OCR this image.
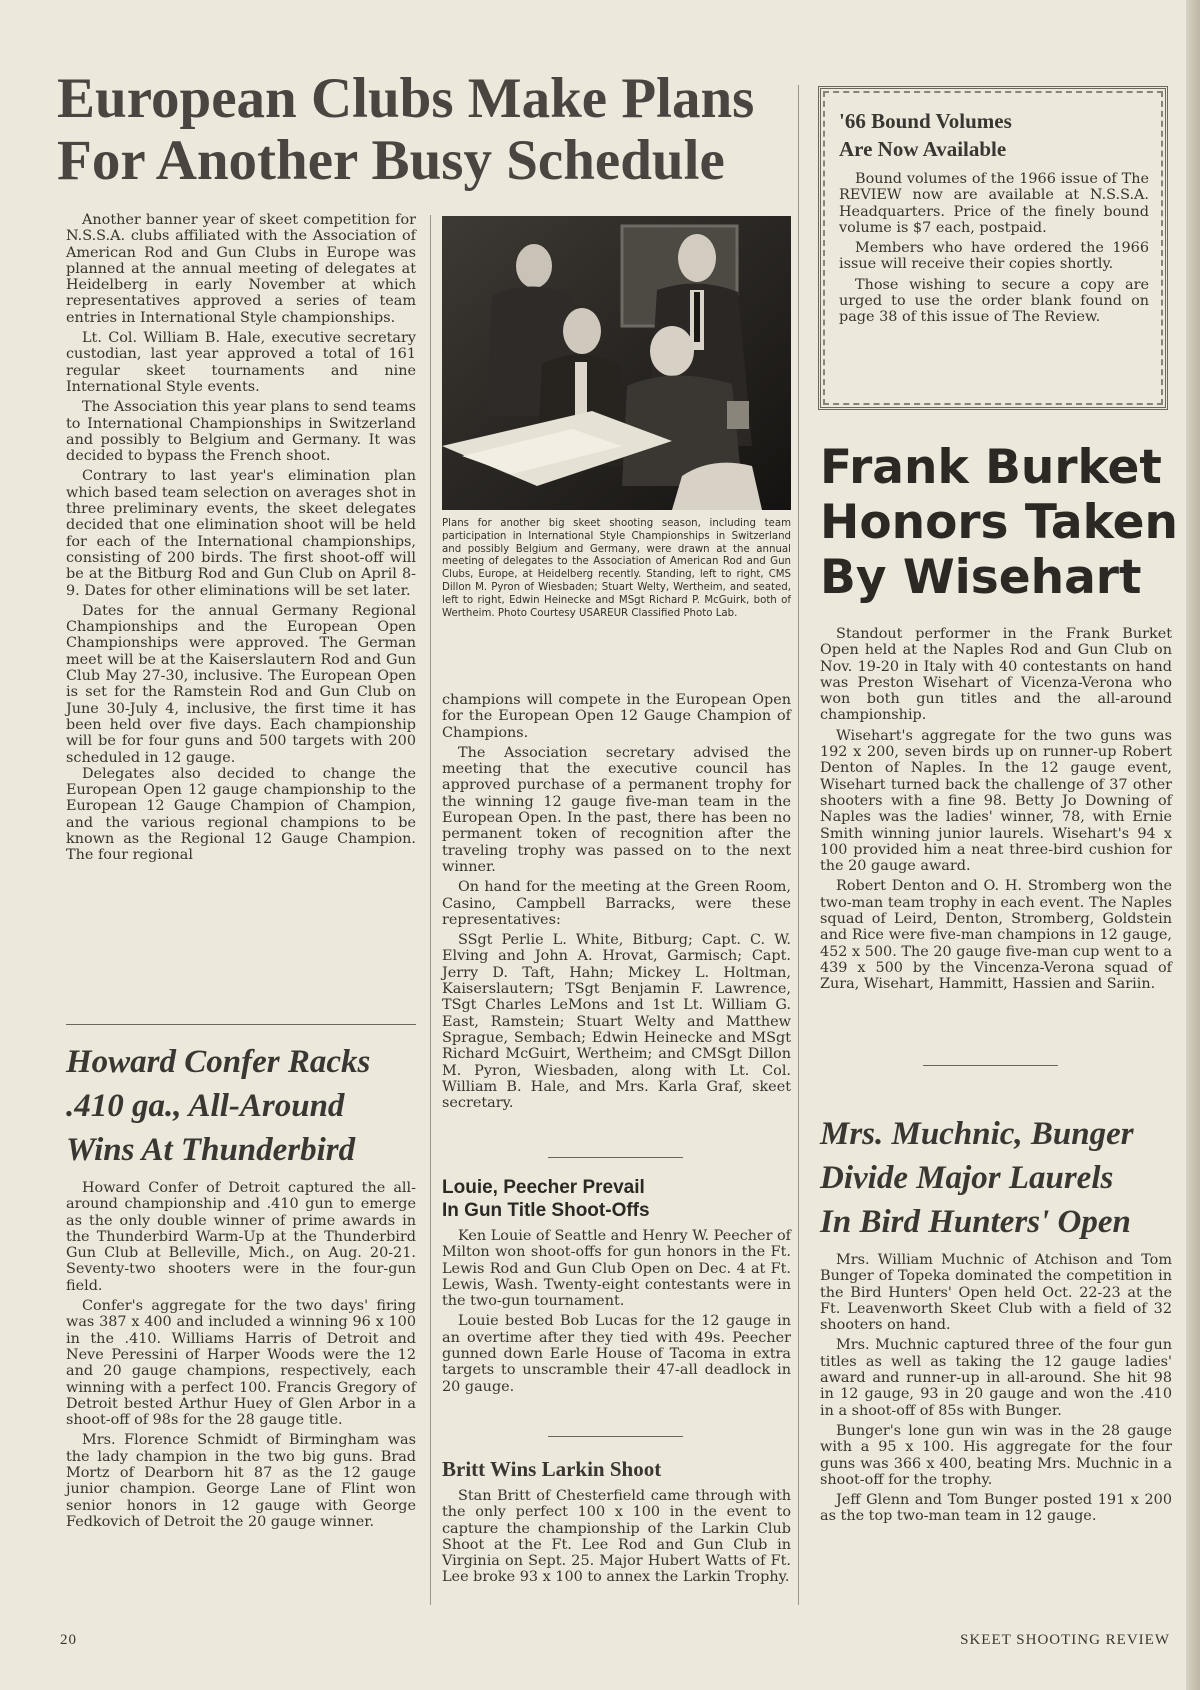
European Clubs Make Plans
For Another Busy Schedule

Another banner year of skeet competition for N.S.S.A. clubs affiliated with the Association of American Rod and Gun Clubs in Europe was planned at the annual meeting of delegates at Heidelberg in early November at which representatives approved a series of team entries in International Style championships.

Lt. Col. William B. Hale, executive secretary custodian, last year approved a total of 161 regular skeet tournaments and nine International Style events.

The Association this year plans to send teams to International Championships in Switzerland and possibly to Belgium and Germany. It was decided to bypass the French shoot.

Contrary to last year's elimination plan which based team selection on averages shot in three preliminary events, the skeet delegates decided that one elimination shoot will be held for each of the International championships, consisting of 200 birds. The first shoot-off will be at the Bitburg Rod and Gun Club on April 8-9. Dates for other eliminations will be set later.

Dates for the annual Germany Regional Championships and the European Open Championships were approved. The German meet will be at the Kaiserslautern Rod and Gun Club May 27-30, inclusive. The European Open is set for the Ramstein Rod and Gun Club on June 30-July 4, inclusive, the first time it has been held over five days. Each championship will be for four guns and 500 targets with 200 scheduled in 12 gauge.

Delegates also decided to change the European Open 12 gauge championship to the European 12 Gauge Champion of Champion, and the various regional champions to be known as the Regional 12 Gauge Champion. The four regional

Howard Confer Racks
.410 ga., All-Around
Wins At Thunderbird

Howard Confer of Detroit captured the all-around championship and .410 gun to emerge as the only double winner of prime awards in the Thunderbird Warm-Up at the Thunderbird Gun Club at Belleville, Mich., on Aug. 20-21. Seventy-two shooters were in the four-gun field.

Confer's aggregate for the two days' firing was 387 x 400 and included a winning 96 x 100 in the .410. Williams Harris of Detroit and Neve Peressini of Harper Woods were the 12 and 20 gauge champions, respectively, each winning with a perfect 100. Francis Gregory of Detroit bested Arthur Huey of Glen Arbor in a shoot-off of 98s for the 28 gauge title.

Mrs. Florence Schmidt of Birmingham was the lady champion in the two big guns. Brad Mortz of Dearborn hit 87 as the 12 gauge junior champion. George Lane of Flint won senior honors in 12 gauge with George Fedkovich of Detroit the 20 gauge winner.

Plans for another big skeet shooting season, including team participation in International Style Championships in Switzerland and possibly Belgium and Germany, were drawn at the annual meeting of delegates to the Association of American Rod and Gun Clubs, Europe, at Heidelberg recently. Standing, left to right, CMS Dillon M. Pyron of Wiesbaden; Stuart Welty, Wertheim, and seated, left to right, Edwin Heinecke and MSgt Richard P. McGuirk, both of Wertheim. Photo Courtesy USAREUR Classified Photo Lab.

champions will compete in the European Open for the European Open 12 Gauge Champion of Champions.

The Association secretary advised the meeting that the executive council has approved purchase of a permanent trophy for the winning 12 gauge five-man team in the European Open. In the past, there has been no permanent token of recognition after the traveling trophy was passed on to the next winner.

On hand for the meeting at the Green Room, Casino, Campbell Barracks, were these representatives:

SSgt Perlie L. White, Bitburg; Capt. C. W. Elving and John A. Hrovat, Garmisch; Capt. Jerry D. Taft, Hahn; Mickey L. Holtman, Kaiserslautern; TSgt Benjamin F. Lawrence, TSgt Charles LeMons and 1st Lt. William G. East, Ramstein; Stuart Welty and Matthew Sprague, Sembach; Edwin Heinecke and MSgt Richard McGuirt, Wertheim; and CMSgt Dillon M. Pyron, Wiesbaden, along with Lt. Col. William B. Hale, and Mrs. Karla Graf, skeet secretary.

Louie, Peecher Prevail
In Gun Title Shoot-Offs

Ken Louie of Seattle and Henry W. Peecher of Milton won shoot-offs for gun honors in the Ft. Lewis Rod and Gun Club Open on Dec. 4 at Ft. Lewis, Wash. Twenty-eight contestants were in the two-gun tournament.

Louie bested Bob Lucas for the 12 gauge in an overtime after they tied with 49s. Peecher gunned down Earle House of Tacoma in extra targets to unscramble their 47-all deadlock in 20 gauge.

Britt Wins Larkin Shoot

Stan Britt of Chesterfield came through with the only perfect 100 x 100 in the event to capture the championship of the Larkin Club Shoot at the Ft. Lee Rod and Gun Club in Virginia on Sept. 25. Major Hubert Watts of Ft. Lee broke 93 x 100 to annex the Larkin Trophy.

'66 Bound Volumes
Are Now Available

Bound volumes of the 1966 issue of The REVIEW now are available at N.S.S.A. Headquarters. Price of the finely bound volume is $7 each, postpaid.

Members who have ordered the 1966 issue will receive their copies shortly.

Those wishing to secure a copy are urged to use the order blank found on page 38 of this issue of The Review.

Frank Burket
Honors Taken
By Wisehart

Standout performer in the Frank Burket Open held at the Naples Rod and Gun Club on Nov. 19-20 in Italy with 40 contestants on hand was Preston Wisehart of Vicenza-Verona who won both gun titles and the all-around championship.

Wisehart's aggregate for the two guns was 192 x 200, seven birds up on runner-up Robert Denton of Naples. In the 12 gauge event, Wisehart turned back the challenge of 37 other shooters with a fine 98. Betty Jo Downing of Naples was the ladies' winner, 78, with Ernie Smith winning junior laurels. Wisehart's 94 x 100 provided him a neat three-bird cushion for the 20 gauge award.

Robert Denton and O. H. Stromberg won the two-man team trophy in each event. The Naples squad of Leird, Denton, Stromberg, Goldstein and Rice were five-man champions in 12 gauge, 452 x 500. The 20 gauge five-man cup went to a 439 x 500 by the Vincenza-Verona squad of Zura, Wisehart, Hammitt, Hassien and Sariin.

Mrs. Muchnic, Bunger
Divide Major Laurels
In Bird Hunters' Open

Mrs. William Muchnic of Atchison and Tom Bunger of Topeka dominated the competition in the Bird Hunters' Open held Oct. 22-23 at the Ft. Leavenworth Skeet Club with a field of 32 shooters on hand.

Mrs. Muchnic captured three of the four gun titles as well as taking the 12 gauge ladies' award and runner-up in all-around. She hit 98 in 12 gauge, 93 in 20 gauge and won the .410 in a shoot-off of 85s with Bunger.

Bunger's lone gun win was in the 28 gauge with a 95 x 100. His aggregate for the four guns was 366 x 400, beating Mrs. Muchnic in a shoot-off for the trophy.

Jeff Glenn and Tom Bunger posted 191 x 200 as the top two-man team in 12 gauge.

20	SKEET SHOOTING REVIEW
